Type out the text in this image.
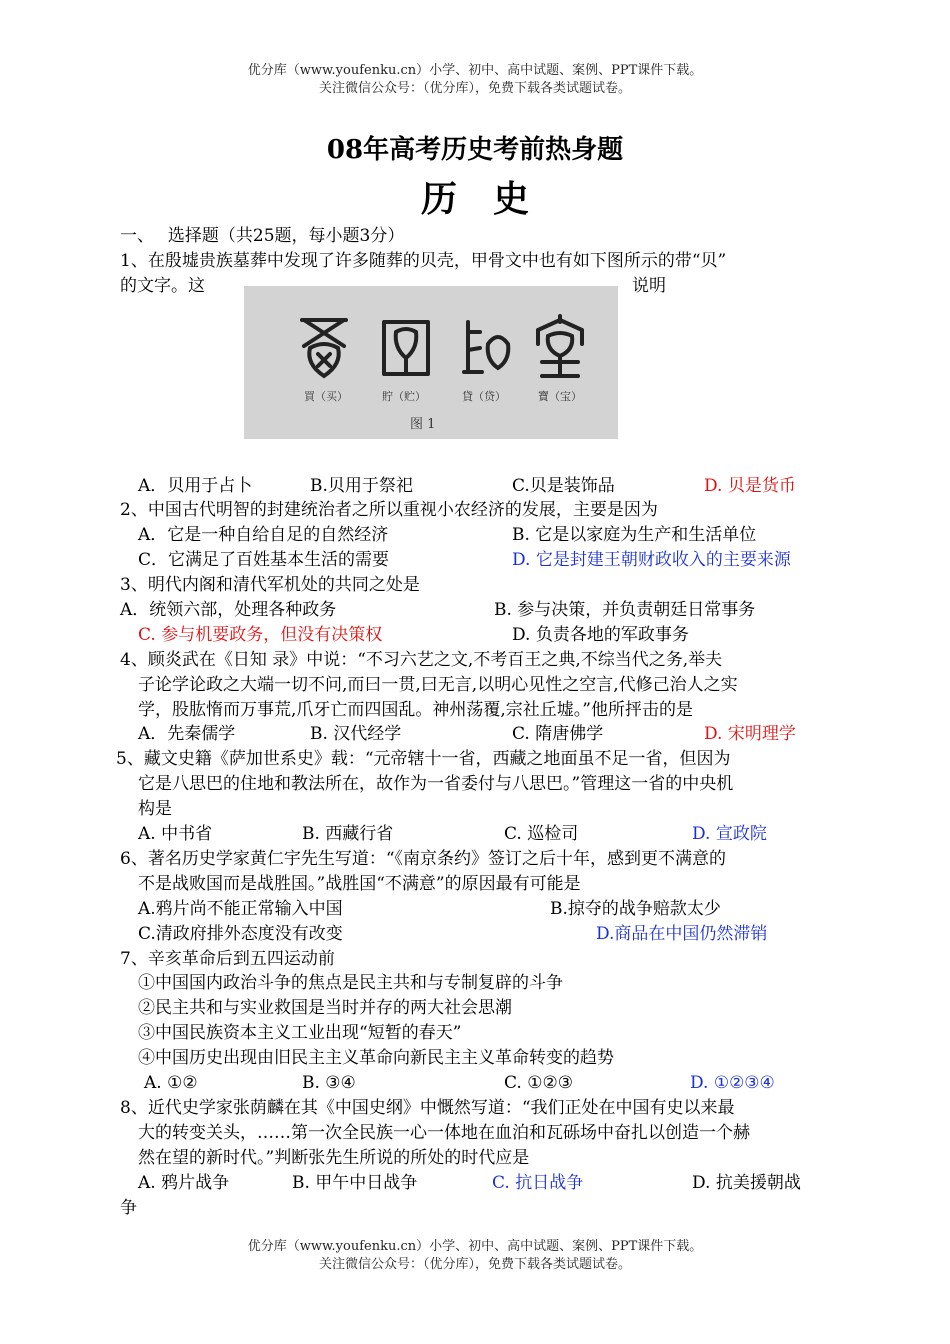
优分库（www.youfenku.cn）小学、初中、高中试题、案例、PPT课件下载。
关注微信公众号：（优分库），免费下载各类试题试卷。
08年高考历史考前热身题
历　史
一、　 选择题（共25题，每小题3分）
1、在殷墟贵族墓葬中发现了许多随葬的贝壳，甲骨文中也有如下图所示的带“贝”
的文字。这	说明
買（买）	貯（贮）	貸（贷）	寶（宝）
图 1
A．贝用于占卜	B.贝用于祭祀	C.贝是装饰品	D. 贝是货币
2、中国古代明智的封建统治者之所以重视小农经济的发展，主要是因为
A．它是一种自给自足的自然经济	B. 它是以家庭为生产和生活单位
C．它满足了百姓基本生活的需要	D. 它是封建王朝财政收入的主要来源
3、明代内阁和清代军机处的共同之处是
A．统领六部，处理各种政务	B. 参与决策，并负责朝廷日常事务
C. 参与机要政务，但没有决策权	D. 负责各地的军政事务
4、顾炎武在《日知 录》中说：“不习六艺之文,不考百王之典,不综当代之务,举夫
子论学论政之大端一切不问,而曰一贯,曰无言,以明心见性之空言,代修己治人之实
学，股肱惰而万事荒,爪牙亡而四国乱。神州荡覆,宗社丘墟。”他所抨击的是
A．先秦儒学	B. 汉代经学	C. 隋唐佛学	D. 宋明理学
5、藏文史籍《萨加世系史》载：“元帝辖十一省，西藏之地面虽不足一省，但因为
它是八思巴的住地和教法所在，故作为一省委付与八思巴。”管理这一省的中央机
构是
A. 中书省	B. 西藏行省	C. 巡检司	D. 宣政院
6、著名历史学家黄仁宇先生写道：“《南京条约》签订之后十年，感到更不满意的
不是战败国而是战胜国。”战胜国“不满意”的原因最有可能是
A.鸦片尚不能正常输入中国	B.掠夺的战争赔款太少
C.清政府排外态度没有改变	D.商品在中国仍然滞销
7、辛亥革命后到五四运动前
①中国国内政治斗争的焦点是民主共和与专制复辟的斗争
②民主共和与实业救国是当时并存的两大社会思潮
③中国民族资本主义工业出现“短暂的春天”
④中国历史出现由旧民主主义革命向新民主主义革命转变的趋势
A. ①②	B. ③④	C. ①②③	D. ①②③④
8、近代史学家张荫麟在其《中国史纲》中慨然写道：“我们正处在中国有史以来最
大的转变关头，……第一次全民族一心一体地在血泊和瓦砾场中奋扎以创造一个赫
然在望的新时代。”判断张先生所说的所处的时代应是
A. 鸦片战争	B. 甲午中日战争	C. 抗日战争	D. 抗美援朝战
争
优分库（www.youfenku.cn）小学、初中、高中试题、案例、PPT课件下载。
关注微信公众号：（优分库），免费下载各类试题试卷。
